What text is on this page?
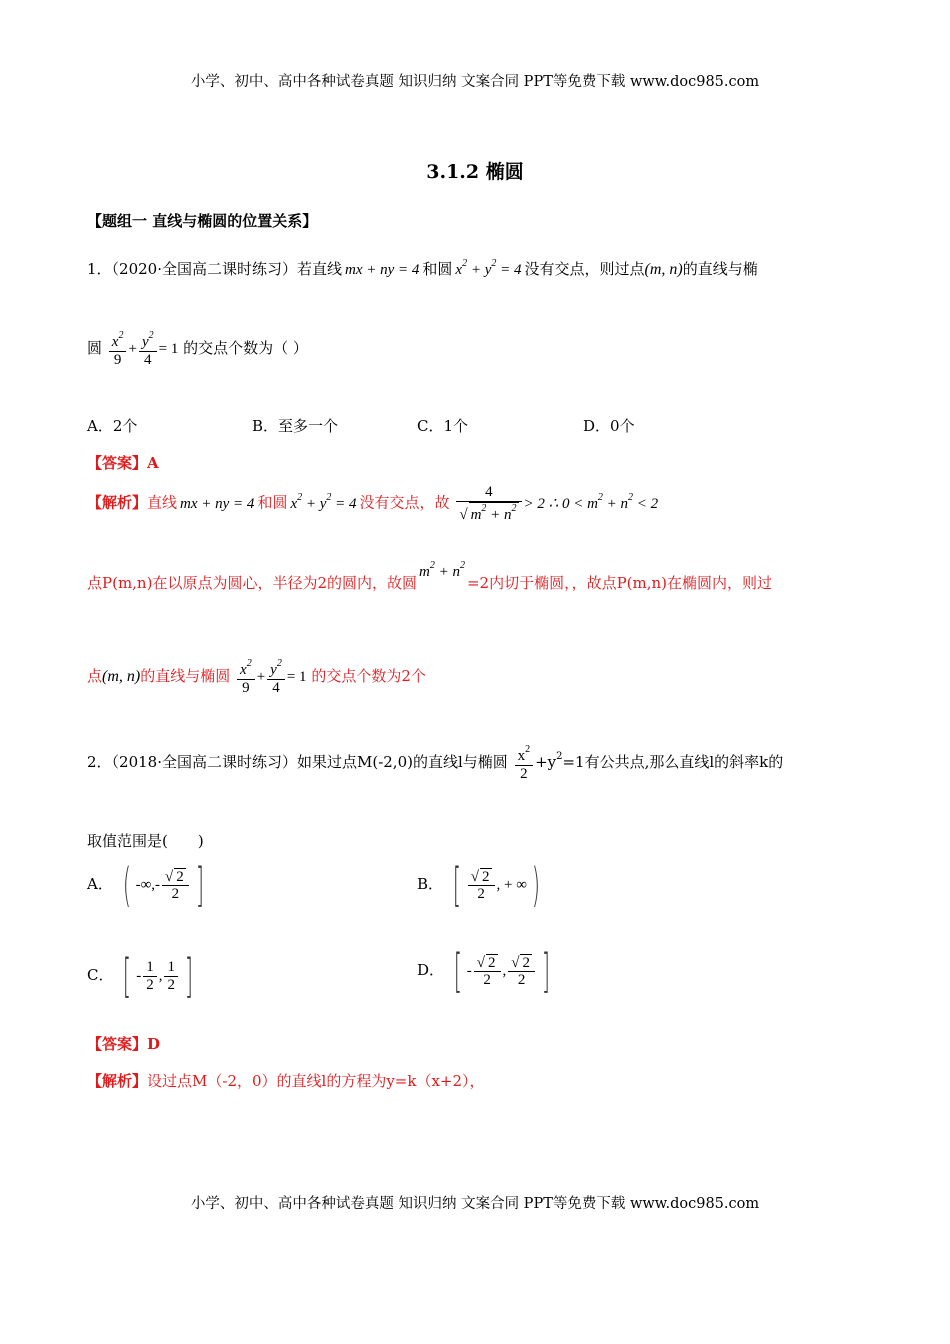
小学、初中、高中各种试卷真题 知识归纳 文案合同 PPT等免费下载 www.doc985.com
3.1.2 椭圆
【题组一 直线与椭圆的位置关系】
1．（2020·全国高二课时练习）若直线 mx + ny = 4 和圆 $x^2 + y^2 = 4$ 没有交点，则过点(m, n)的直线与椭
圆 $\frac{x^2}{9} + \frac{y^2}{4} = 1$ 的交点个数为（ ）
A．2个	B．至多一个	C．1个	D．0个
【答案】A
【解析】直线 mx + ny = 4 和圆 $x^2 + y^2 = 4$ 没有交点，故 $\frac{4}{√ m^2 + n^2} > 2$ ∴ $0 < m^2 + n^2 < 2$
点P(m,n)在以原点为圆心，半径为2的圆内，故圆$m^2 + n^2=2$内切于椭圆，，故点P(m,n)在椭圆内，则过
点(m, n)的直线与椭圆 $\frac{x^2}{9} + \frac{y^2}{4} = 1$ 的交点个数为2个
2．（2018·全国高二课时练习）如果过点M(-2,0)的直线l与椭圆 $\frac{x^2}{2} +y^2=1$有公共点,那么直线l的斜率k的
取值范围是(　　)
A． ( -∞,- $\frac{√ 2}{2}$ ]	B． [ $\frac{√ 2}{2}$ , + ∞ )
C． [ - $\frac{1}{2}$ , $\frac{1}{2}$ ]	D． [ - $\frac{√ 2}{2}$ , $\frac{√ 2}{2}$ ]
【答案】D
【解析】设过点M（-2，0）的直线l的方程为y=k（x+2），
小学、初中、高中各种试卷真题 知识归纳 文案合同 PPT等免费下载 www.doc985.com
